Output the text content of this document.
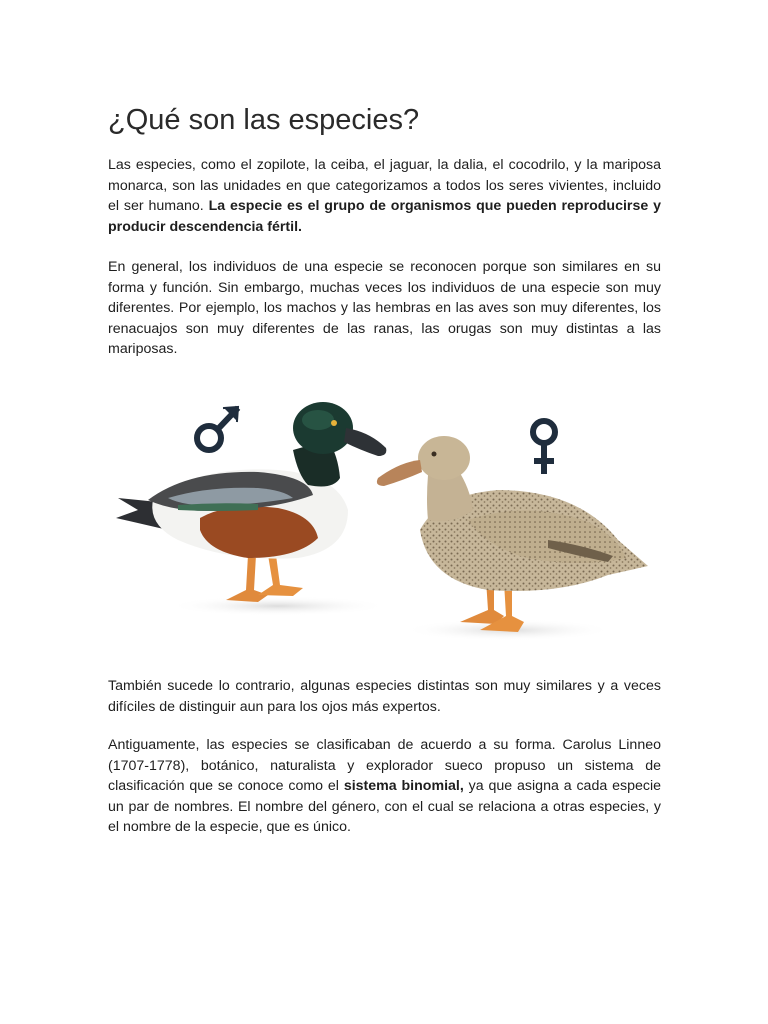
¿Qué son las especies?

Las especies, como el zopilote, la ceiba, el jaguar, la dalia, el cocodrilo, y la mariposa monarca, son las unidades en que categorizamos a todos los seres vivientes, incluido el ser humano. La especie es el grupo de organismos que pueden reproducirse y producir descendencia fértil.

En general, los individuos de una especie se reconocen porque son similares en su forma y función. Sin embargo, muchas veces los individuos de una especie son muy diferentes. Por ejemplo, los machos y las hembras en las aves son muy diferentes, los renacuajos son muy diferentes de las ranas, las orugas son muy distintas a las mariposas.

También sucede lo contrario, algunas especies distintas son muy similares y a veces difíciles de distinguir aun para los ojos más expertos.

Antiguamente, las especies se clasificaban de acuerdo a su forma. Carolus Linneo (1707-1778), botánico, naturalista y explorador sueco propuso un sistema de clasificación que se conoce como el sistema binomial, ya que asigna a cada especie un par de nombres. El nombre del género, con el cual se relaciona a otras especies, y el nombre de la especie, que es único.
